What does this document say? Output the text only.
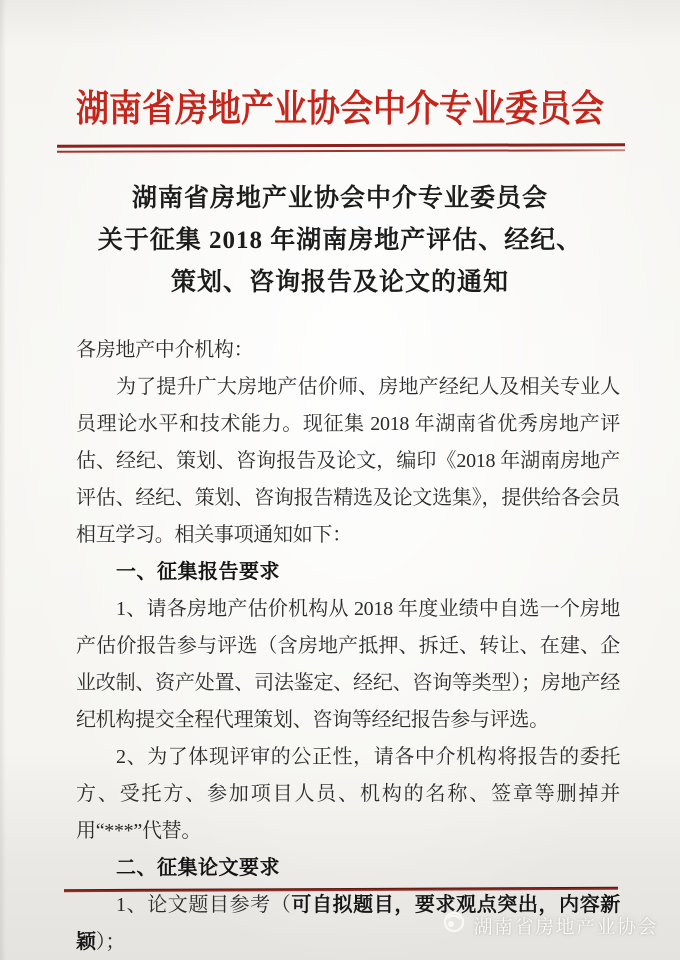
湖南省房地产业协会中介专业委员会
湖南省房地产业协会中介专业委员会
关于征集 2018 年湖南房地产评估、经纪、
策划、咨询报告及论文的通知

各房地产中介机构：

为了提升广大房地产估价师、房地产经纪人及相关专业人员理论水平和技术能力。现征集 2018 年湖南省优秀房地产评估、经纪、策划、咨询报告及论文，编印《2018 年湖南房地产评估、经纪、策划、咨询报告精选及论文选集》，提供给各会员相互学习。相关事项通知如下：

一、征集报告要求

1、请各房地产估价机构从 2018 年度业绩中自选一个房地产估价报告参与评选（含房地产抵押、拆迁、转让、在建、企业改制、资产处置、司法鉴定、经纪、咨询等类型）；房地产经纪机构提交全程代理策划、咨询等经纪报告参与评选。

2、为了体现评审的公正性，请各中介机构将报告的委托方、受托方、参加项目人员、机构的名称、签章等删掉并用“***”代替。

二、征集论文要求

1、论文题目参考（可自拟题目，要求观点突出，内容新颖）；

湖南省房地产业协会
